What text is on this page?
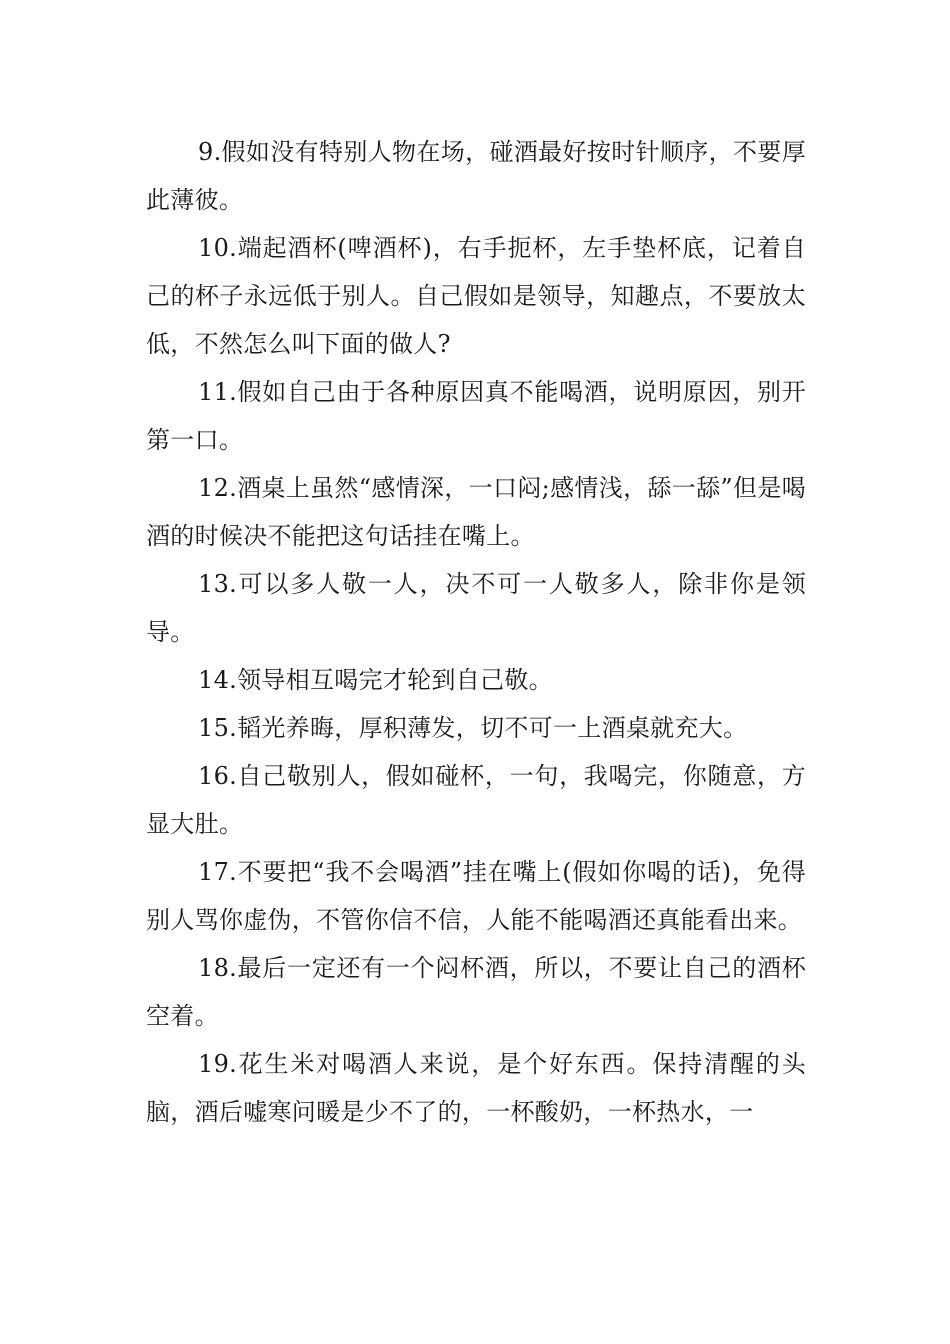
9.假如没有特别人物在场，碰酒最好按时针顺序，不要厚此薄彼。

10.端起酒杯(啤酒杯)，右手扼杯，左手垫杯底，记着自己的杯子永远低于别人。自己假如是领导，知趣点，不要放太低，不然怎么叫下面的做人?

11.假如自己由于各种原因真不能喝酒，说明原因，别开第一口。

12.酒桌上虽然“感情深，一口闷;感情浅，舔一舔”但是喝酒的时候决不能把这句话挂在嘴上。

13.可以多人敬一人，决不可一人敬多人，除非你是领导。

14.领导相互喝完才轮到自己敬。

15.韬光养晦，厚积薄发，切不可一上酒桌就充大。

16.自己敬别人，假如碰杯，一句，我喝完，你随意，方显大肚。

17.不要把“我不会喝酒”挂在嘴上(假如你喝的话)，免得别人骂你虚伪，不管你信不信，人能不能喝酒还真能看出来。

18.最后一定还有一个闷杯酒，所以，不要让自己的酒杯空着。

19.花生米对喝酒人来说，是个好东西。保持清醒的头脑，酒后嘘寒问暖是少不了的，一杯酸奶，一杯热水，一
